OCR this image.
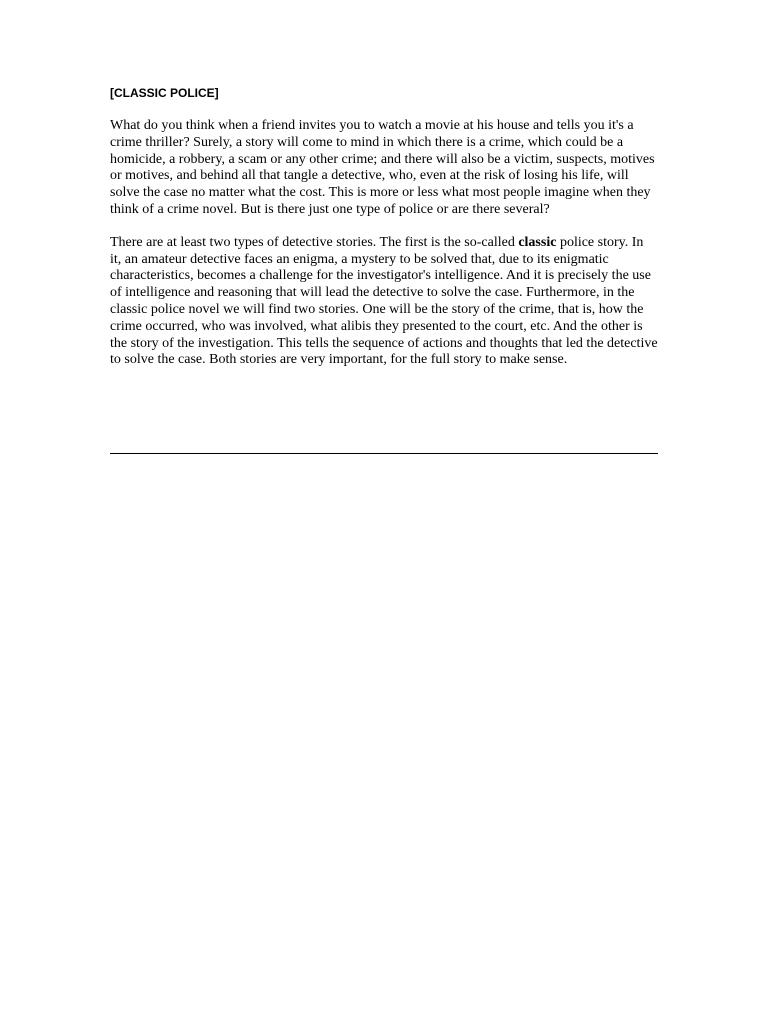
[CLASSIC POLICE]

What do you think when a friend invites you to watch a movie at his house and tells you it's a crime thriller? Surely, a story will come to mind in which there is a crime, which could be a homicide, a robbery, a scam or any other crime; and there will also be a victim, suspects, motives or motives, and behind all that tangle a detective, who, even at the risk of losing his life, will solve the case no matter what the cost. This is more or less what most people imagine when they think of a crime novel. But is there just one type of police or are there several?

There are at least two types of detective stories. The first is the so-called classic police story. In it, an amateur detective faces an enigma, a mystery to be solved that, due to its enigmatic characteristics, becomes a challenge for the investigator's intelligence. And it is precisely the use of intelligence and reasoning that will lead the detective to solve the case. Furthermore, in the classic police novel we will find two stories. One will be the story of the crime, that is, how the crime occurred, who was involved, what alibis they presented to the court, etc. And the other is the story of the investigation. This tells the sequence of actions and thoughts that led the detective to solve the case. Both stories are very important, for the full story to make sense.
